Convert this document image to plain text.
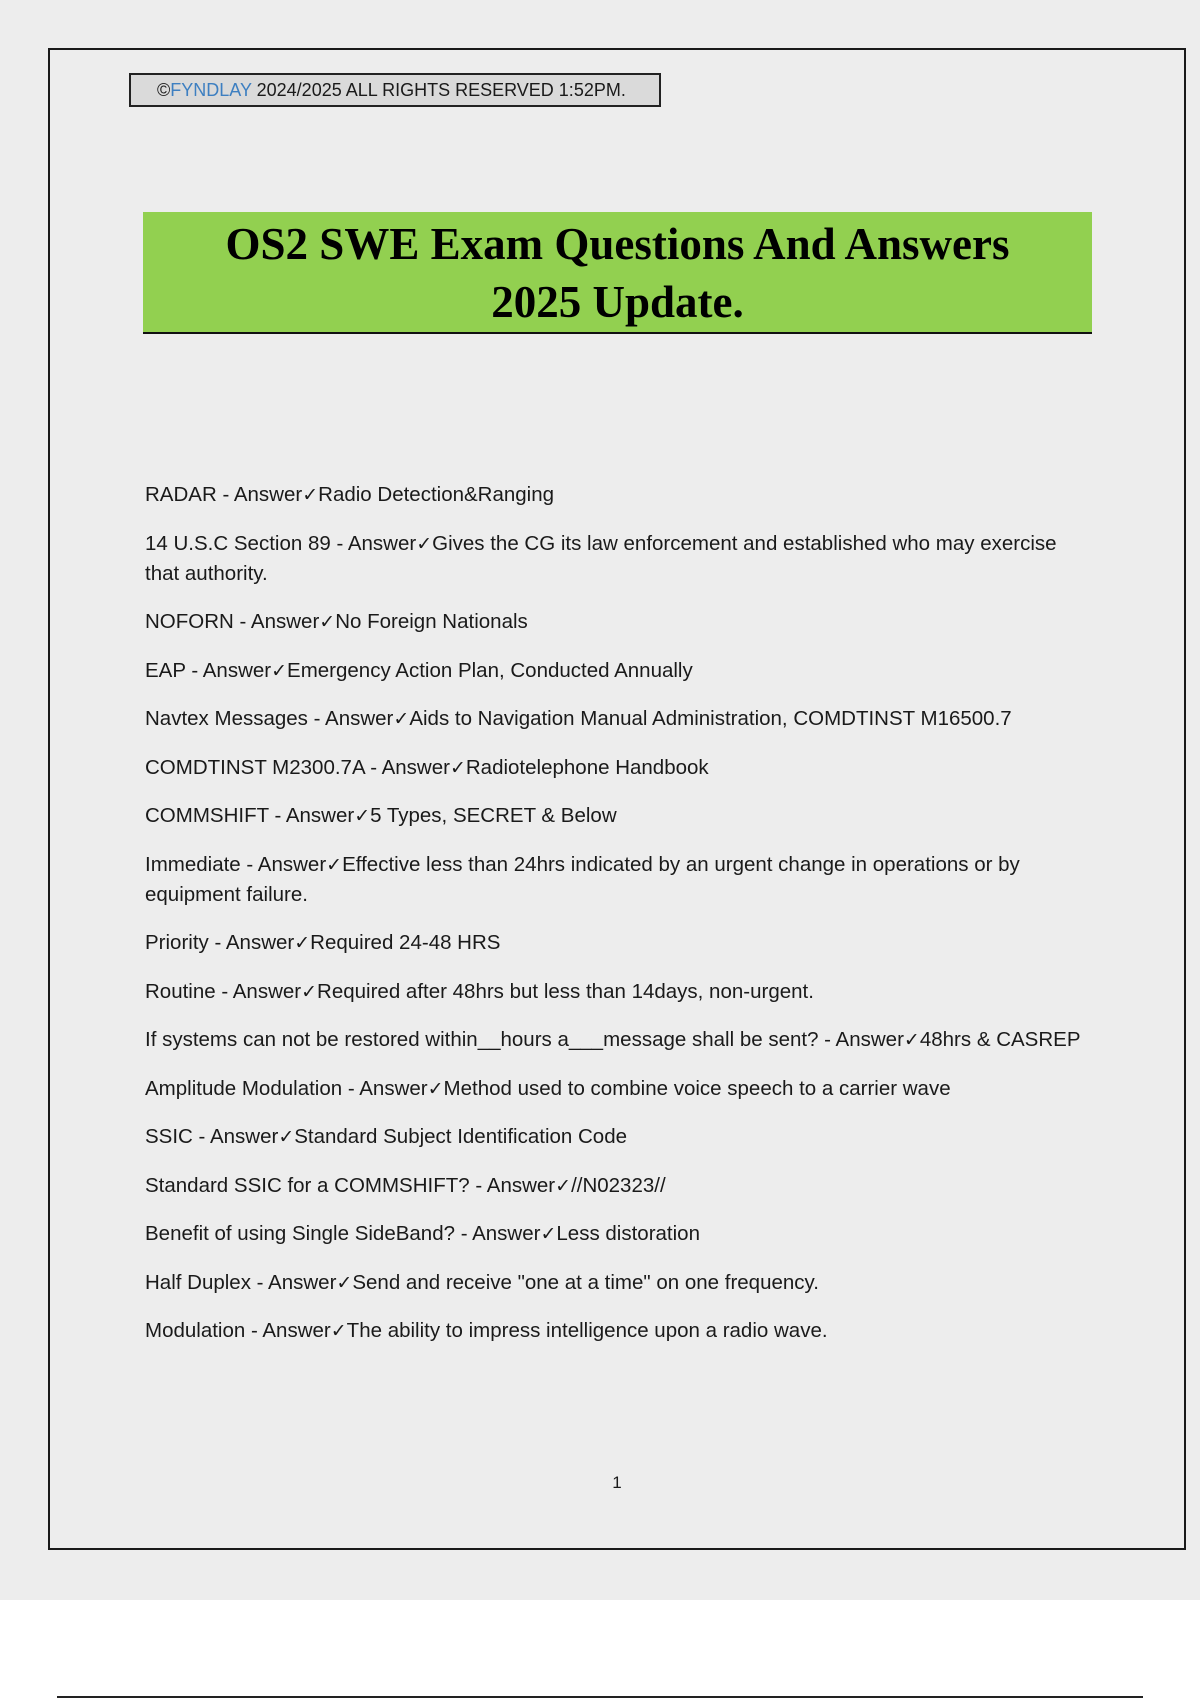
©FYNDLAY 2024/2025 ALL RIGHTS RESERVED 1:52PM.
OS2 SWE Exam Questions And Answers
2025 Update.
RADAR - Answer✓Radio Detection&Ranging
14 U.S.C Section 89 - Answer✓Gives the CG its law enforcement and established who may exercise that authority.
NOFORN - Answer✓No Foreign Nationals
EAP - Answer✓Emergency Action Plan, Conducted Annually
Navtex Messages - Answer✓Aids to Navigation Manual Administration, COMDTINST M16500.7
COMDTINST M2300.7A - Answer✓Radiotelephone Handbook
COMMSHIFT - Answer✓5 Types, SECRET & Below
Immediate - Answer✓Effective less than 24hrs indicated by an urgent change in operations or by equipment failure.
Priority - Answer✓Required 24-48 HRS
Routine - Answer✓Required after 48hrs but less than 14days, non-urgent.
If systems can not be restored within__hours a___message shall be sent? - Answer✓48hrs & CASREP
Amplitude Modulation - Answer✓Method used to combine voice speech to a carrier wave
SSIC - Answer✓Standard Subject Identification Code
Standard SSIC for a COMMSHIFT? - Answer✓//N02323//
Benefit of using Single SideBand? - Answer✓Less distoration
Half Duplex - Answer✓Send and receive "one at a time" on one frequency.
Modulation - Answer✓The ability to impress intelligence upon a radio wave.
1
